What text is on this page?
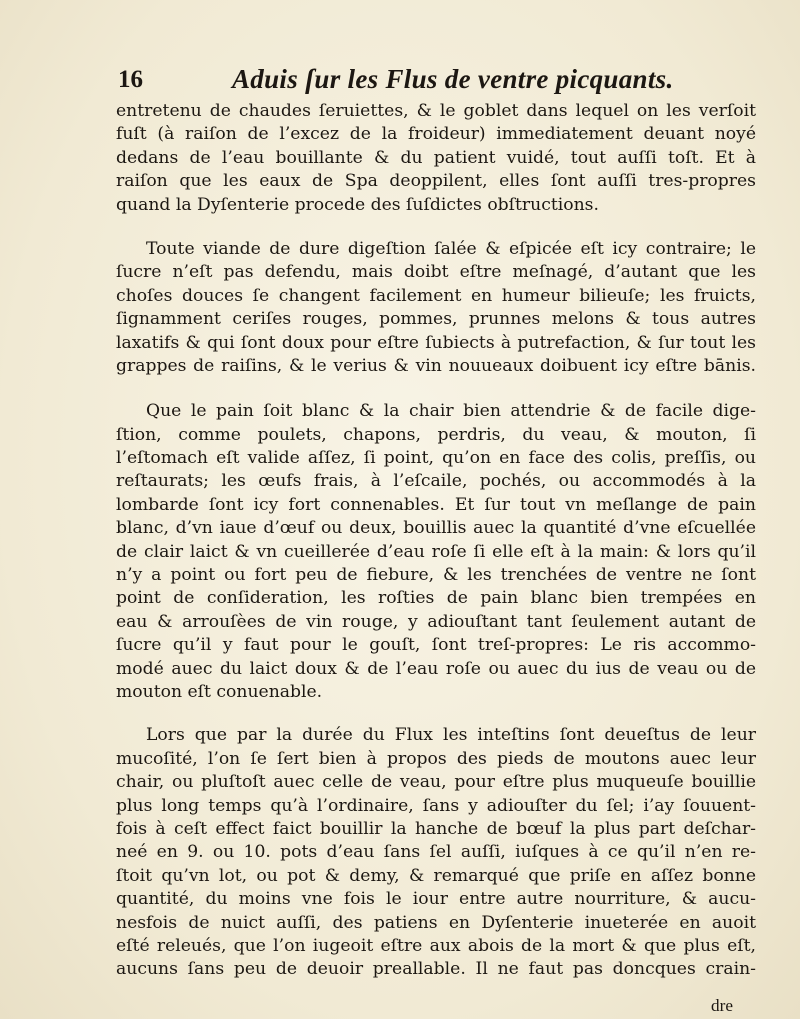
16	Aduis ſur les Flus de ventre picquants.
entretenu de chaudes ſeruiettes, & le goblet dans lequel on les verſoit
fuſt (à raiſon de l’excez de la froideur) immediatement deuant noyé
dedans de l’eau bouillante & du patient vuidé, tout auſſi toſt. Et à
raiſon que les eaux de Spa deoppilent, elles ſont auſſi tres-propres
quand la Dyſenterie procede des ſuſdictes obſtructions.
Toute viande de dure digeſtion ſalée & eſpicée eſt icy contraire; le
ſucre n’eſt pas defendu, mais doibt eſtre meſnagé, d’autant que les
choſes douces ſe changent facilement en humeur bilieuſe; les fruicts,
ſignamment ceriſes rouges, pommes, prunnes melons & tous autres
laxatifs & qui ſont doux pour eſtre ſubiects à putrefaction, & ſur tout les
grappes de raiſins, & le verius & vin nouueaux doibuent icy eſtre bānis.
Que le pain ſoit blanc & la chair bien attendrie & de facile dige-
ſtion, comme poulets, chapons, perdris, du veau, & mouton, ſi
l’eſtomach eſt valide aſſez, ſi point, qu’on en face des colis, preſſis, ou
reſtaurats; les œufs frais, à l’eſcaile, pochés, ou accommodés à la
lombarde ſont icy fort connenables. Et ſur tout vn meſlange de pain
blanc, d’vn iaue d’œuf ou deux, bouillis auec la quantité d’vne eſcuellée
de clair laict & vn cueillerée d’eau roſe ſi elle eſt à la main: & lors qu’il
n’y a point ou fort peu de fiebure, & les trenchées de ventre ne ſont
point de conſideration, les roſties de pain blanc bien trempées en
eau & arrouſèes de vin rouge, y adiouſtant tant ſeulement autant de
ſucre qu’il y faut pour le gouſt, ſont treſ-propres: Le ris accommo-
modé auec du laict doux & de l’eau roſe ou auec du ius de veau ou de
mouton eſt conuenable.
Lors que par la durée du Flux les inteſtins ſont deueſtus de leur
mucoſité, l’on ſe ſert bien à propos des pieds de moutons auec leur
chair, ou pluſtoſt auec celle de veau, pour eſtre plus muqueuſe bouillie
plus long temps qu’à l’ordinaire, ſans y adiouſter du ſel; i’ay ſouuent-
fois à ceſt effect faict bouillir la hanche de bœuf la plus part deſchar-
neé en 9. ou 10. pots d’eau ſans ſel auſſi, iuſques à ce qu’il n’en re-
ſtoit qu’vn lot, ou pot & demy, & remarqué que priſe en aſſez bonne
quantité, du moins vne fois le iour entre autre nourriture, & aucu-
nesfois de nuict auſſi, des patiens en Dyſenterie inueterée en auoit
eſté releués, que l’on iugeoit eſtre aux abois de la mort & que plus eſt,
aucuns ſans peu de deuoir preallable. Il ne faut pas doncques crain-
dre
